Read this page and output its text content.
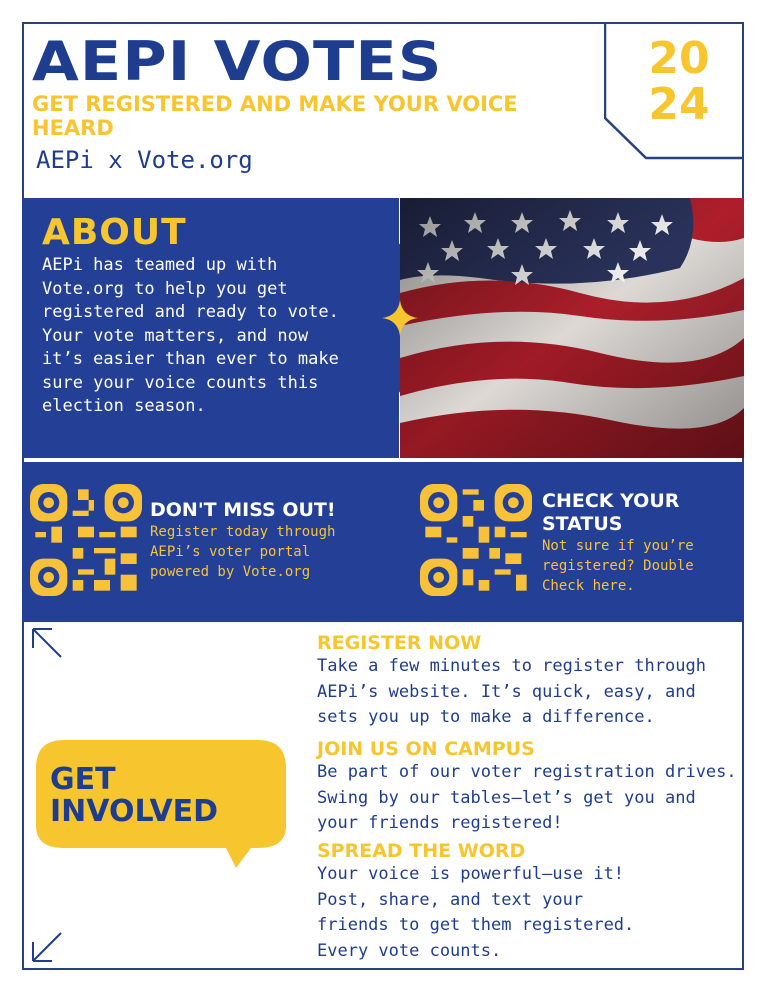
AEPI VOTES
GET REGISTERED AND MAKE YOUR VOICE HEARD
AEPi x Vote.org
20
24
ABOUT
AEPi has teamed up with Vote.org to help you get registered and ready to vote. Your vote matters, and now it’s easier than ever to make sure your voice counts this election season.
DON'T MISS OUT!
Register today through AEPi’s voter portal powered by Vote.org
CHECK YOUR STATUS
Not sure if you’re registered? Double Check here.
GET INVOLVED
REGISTER NOW
Take a few minutes to register through AEPi’s website. It’s quick, easy, and sets you up to make a difference.
JOIN US ON CAMPUS
Be part of our voter registration drives. Swing by our tables—let’s get you and your friends registered!
SPREAD THE WORD
Your voice is powerful—use it! Post, share, and text your friends to get them registered. Every vote counts.
